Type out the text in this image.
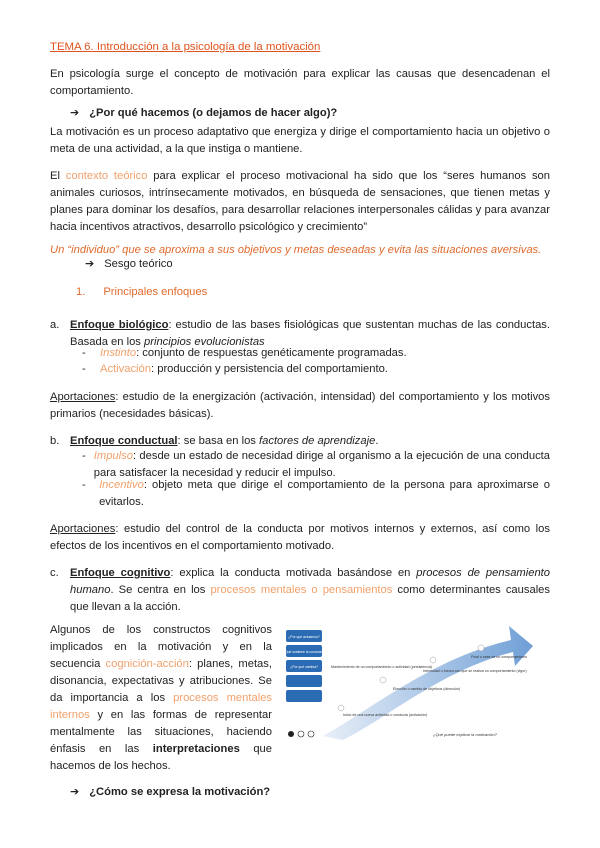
TEMA 6. Introducción a la psicología de la motivación
En psicología surge el concepto de motivación para explicar las causas que desencadenan el comportamiento.
➔ ¿Por qué hacemos (o dejamos de hacer algo)?
La motivación es un proceso adaptativo que energiza y dirige el comportamiento hacia un objetivo o meta de una actividad, a la que instiga o mantiene.
El contexto teórico para explicar el proceso motivacional ha sido que los “seres humanos son animales curiosos, intrínsecamente motivados, en búsqueda de sensaciones, que tienen metas y planes para dominar los desafíos, para desarrollar relaciones interpersonales cálidas y para avanzar hacia incentivos atractivos, desarrollo psicológico y crecimiento”
Un “individuo” que se aproxima a sus objetivos y metas deseadas y evita las situaciones aversivas.
➔ Sesgo teórico
1. Principales enfoques
a. Enfoque biológico: estudio de las bases fisiológicas que sustentan muchas de las conductas. Basada en los principios evolucionistas
-	Instinto: conjunto de respuestas genéticamente programadas.
-	Activación: producción y persistencia del comportamiento.
Aportaciones: estudio de la energización (activación, intensidad) del comportamiento y los motivos primarios (necesidades básicas).
b. Enfoque conductual: se basa en los factores de aprendizaje.
- Impulso: desde un estado de necesidad dirige al organismo a la ejecución de una conducta para satisfacer la necesidad y reducir el impulso.
-	Incentivo: objeto meta que dirige el comportamiento de la persona para aproximarse o evitarlos.
Aportaciones: estudio del control de la conducta por motivos internos y externos, así como los efectos de los incentivos en el comportamiento motivado.
c.	Enfoque cognitivo: explica la conducta motivada basándose en procesos de pensamiento humano. Se centra en los procesos mentales o pensamientos como determinantes causales que llevan a la acción.
Algunos de los constructos cognitivos implicados en la motivación y en la secuencia cognición-acción: planes, metas, disonancia, expectativas y atribuciones. Se da importancia a los procesos mentales internos y en las formas de representar mentalmente las situaciones, haciendo énfasis en las interpretaciones que hacemos de los hechos.
¿Por qué actuamos?
¿Qué sostiene la conducta?
¿Por qué cambia?
Inicio de una nueva actividad o conducta (activación)
Mantenimiento de un comportamiento o actividad (persistencia)
Elección o cambio de objetivos (dirección)
Intensidad o fuerza con que se realiza un comportamiento (vigor)
Final o cese de un comportamiento
¿Qué puede explicar la motivación?
➔ ¿Cómo se expresa la motivación?
